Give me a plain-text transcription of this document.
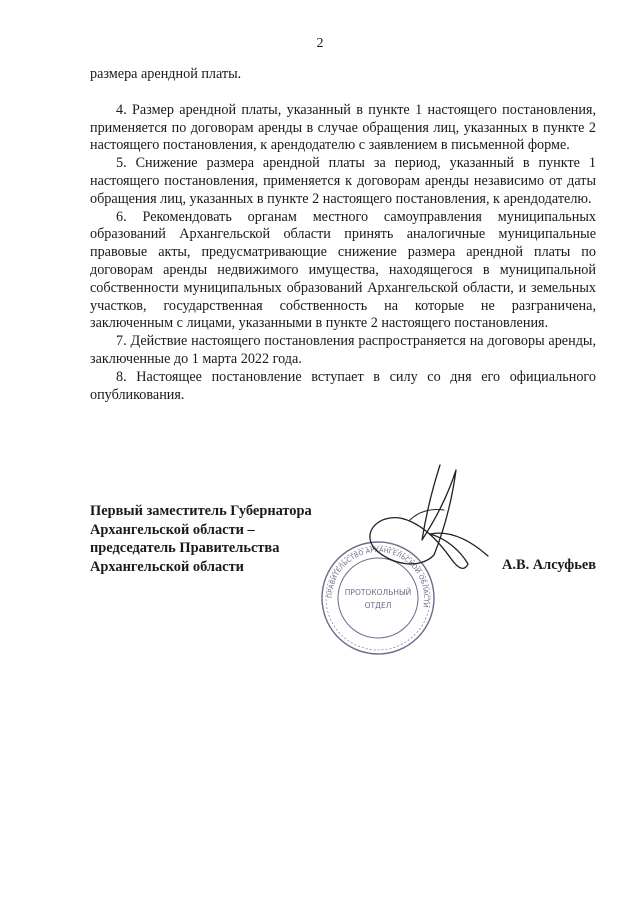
2

размера арендной платы.

4. Размер арендной платы, указанный в пункте 1 настоящего постановления, применяется по договорам аренды в случае обращения лиц, указанных в пункте 2 настоящего постановления, к арендодателю с заявлением в письменной форме.

5. Снижение размера арендной платы за период, указанный в пункте 1 настоящего постановления, применяется к договорам аренды независимо от даты обращения лиц, указанных в пункте 2 настоящего постановления, к арендодателю.

6. Рекомендовать органам местного самоуправления муниципальных образований Архангельской области принять аналогичные муниципальные правовые акты, предусматривающие снижение размера арендной платы по договорам аренды недвижимого имущества, находящегося в муниципальной собственности муниципальных образований Архангельской области, и земельных участков, государственная собственность на которые не разграничена, заключенным с лицами, указанными в пункте 2 настоящего постановления.

7. Действие настоящего постановления распространяется на договоры аренды, заключенные до 1 марта 2022 года.

8. Настоящее постановление вступает в силу со дня его официального опубликования.

Первый заместитель Губернатора
Архангельской области –
председатель Правительства
Архангельской области
ПРАВИТЕЛЬСТВО АРХАНГЕЛЬСКОЙ ОБЛАСТИ
ПРОТОКОЛЬНЫЙ
ОТДЕЛ
А.В. Алсуфьев
